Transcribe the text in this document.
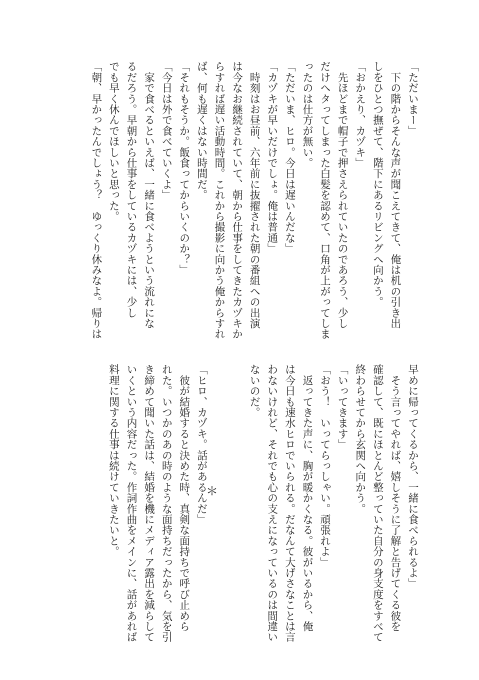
「ただいまー」

　下の階からそんな声が聞こえてきて、俺は机の引き出

しをひとつ撫ぜて、階下にあるリビングへ向かう。

「おかえり、カヅキ」

　先ほどまで帽子で押さえられていたのであろう、少し

だけへタってしまった白髪を認めて、口角が上がってしま

ったのは仕方が無い。

「ただいま、ヒロ。今日は遅いんだな」

「カヅキが早いだけでしょ。俺は普通」

　時刻はお昼前、六年前に抜擢された朝の番組への出演

は今なお継続されていて、朝から仕事をしてきたカヅキか

らすれば遅い活動時間。これから撮影に向かう俺からすれ

ば、何も遅くはない時間だ。

「それもそうか。飯食ってからいくのか？」

「今日は外で食べていくよ」

　家で食べるといえば、一緒に食べようという流れにな

るだろう。早朝から仕事をしているカヅキには、少し

でも早く休んでほしいと思った。

「朝、早かったんでしょう？　ゆっくり休みなよ。帰りは

早めに帰ってくるから、一緒に食べられるよ」

　そう言ってやれば、嬉しそうに了解と告げてくる彼を

確認して、既にほとんど整っていた自分の身支度をすべて

終わらせてから玄関へ向かう。

「いってきます」

「おう！　いってらっしゃい。頑張れよ」

　返ってきた声に、胸が暖かくなる。彼がいるから、俺

は今日も速水ヒロでいられる。だなんて大げさなことは言

わないけれど、それでも心の支えになっているのは間違い

ないのだ。

「ヒロ、カヅキ。話があるんだ」

　彼が結婚すると決めた時、真剣な面持ちで呼び止めら

れた。いつかのあの時のような面持ちだったから、気を引

き締めて聞いた話は、結婚を機にメディア露出を減らして

いくという内容だった。作詞作曲をメインに、話があれば

料理に関する仕事は続けていきたいと。	＊
